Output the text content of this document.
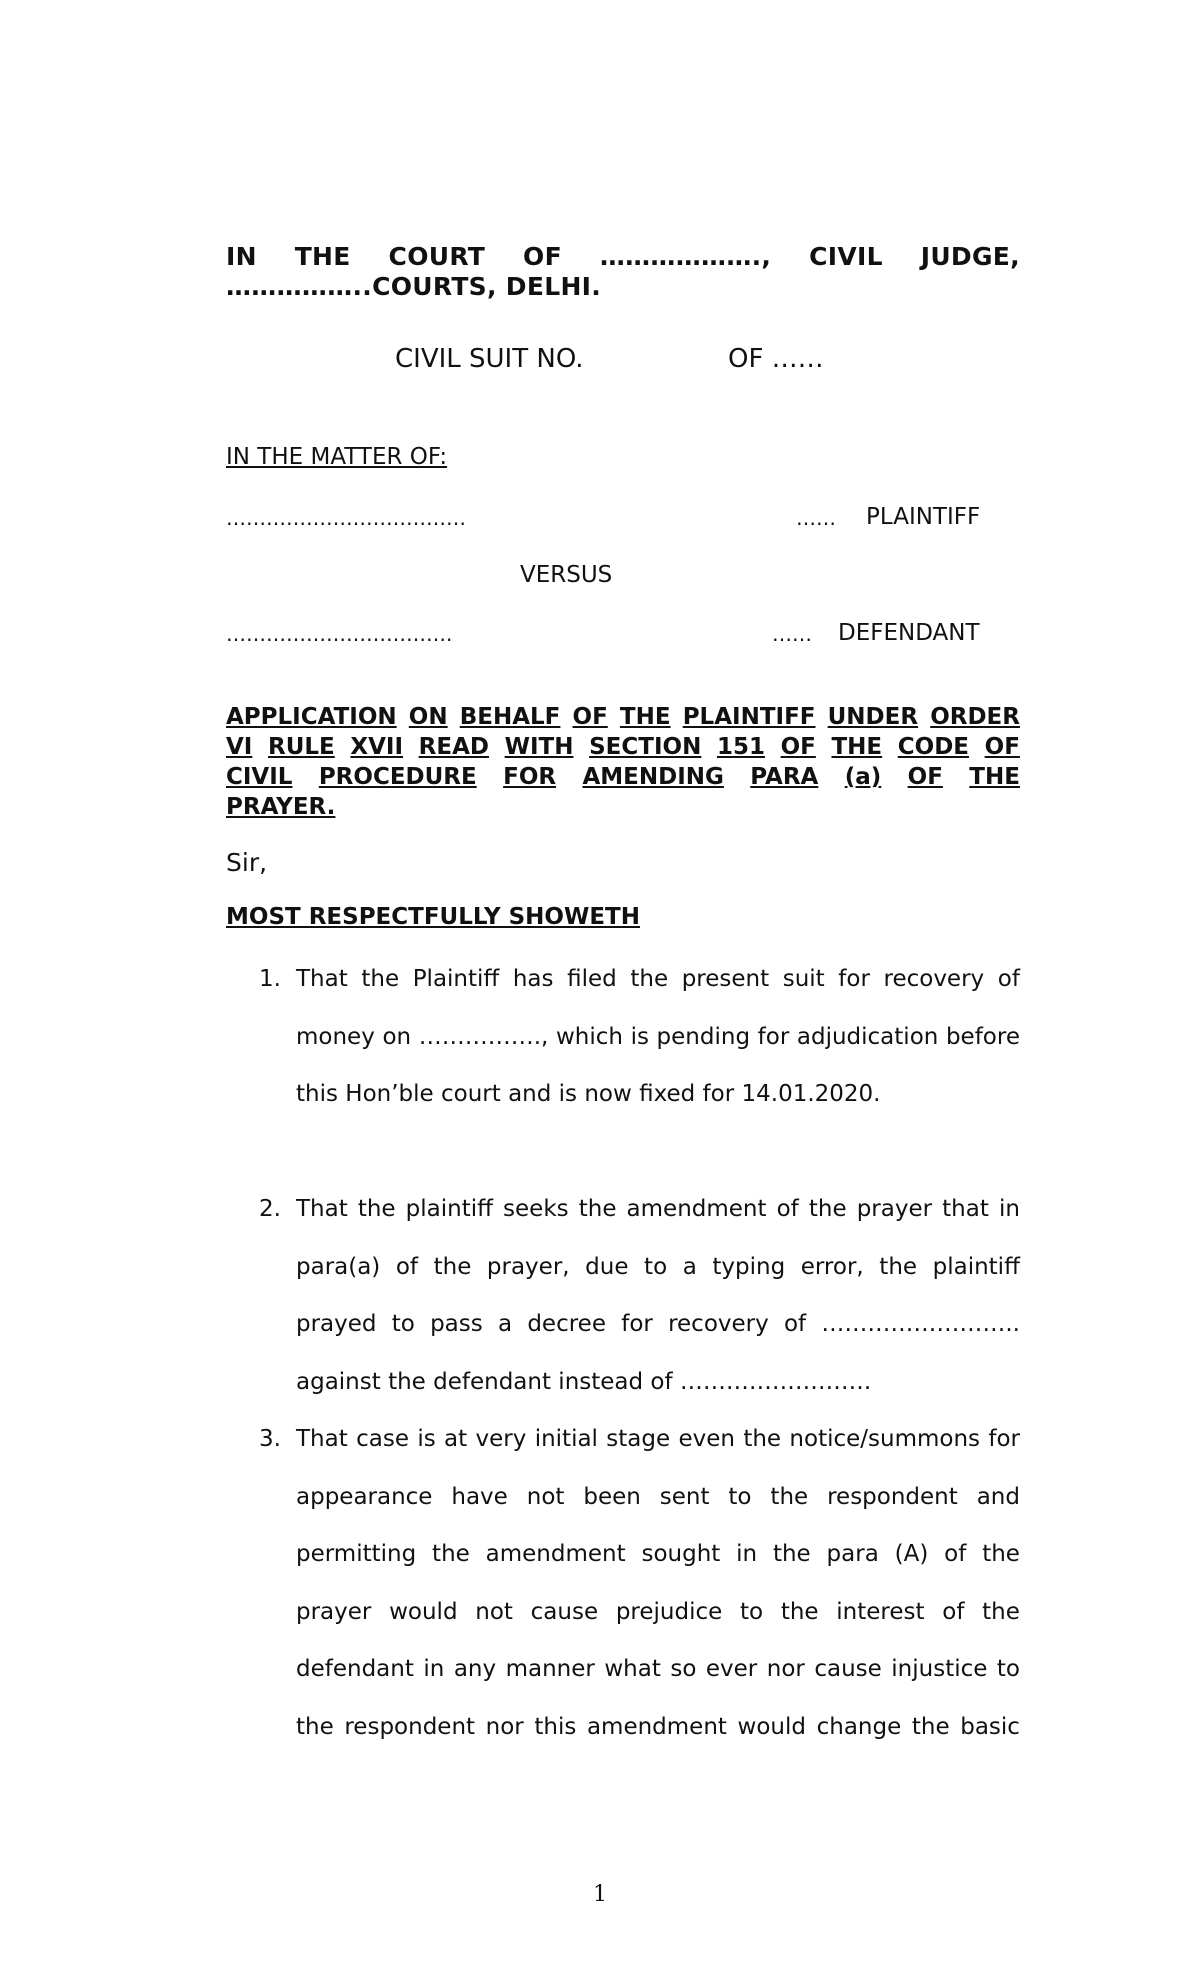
IN THE COURT OF ………………., CIVIL JUDGE,
……………..COURTS, DELHI.
CIVIL SUIT NO.	OF ……
IN THE MATTER OF:
………………………………	…… PLAINTIFF
VERSUS
…………………………….	…… DEFENDANT
APPLICATION ON BEHALF OF THE PLAINTIFF UNDER ORDER
VI RULE XVII READ WITH SECTION 151 OF THE CODE OF
CIVIL PROCEDURE FOR AMENDING PARA (a) OF THE
PRAYER.
Sir,
MOST RESPECTFULLY SHOWETH
1. That the Plaintiff has filed the present suit for recovery of
money on ……………., which is pending for adjudication before
this Hon’ble court and is now fixed for 14.01.2020.
2. That the plaintiff seeks the amendment of the prayer that in
para(a) of the prayer, due to a typing error, the plaintiff
prayed to pass a decree for recovery of ……………………..
against the defendant instead of …………………….
3. That case is at very initial stage even the notice/summons for
appearance have not been sent to the respondent and
permitting the amendment sought in the para (A) of the
prayer would not cause prejudice to the interest of the
defendant in any manner what so ever nor cause injustice to
the respondent nor this amendment would change the basic
1
